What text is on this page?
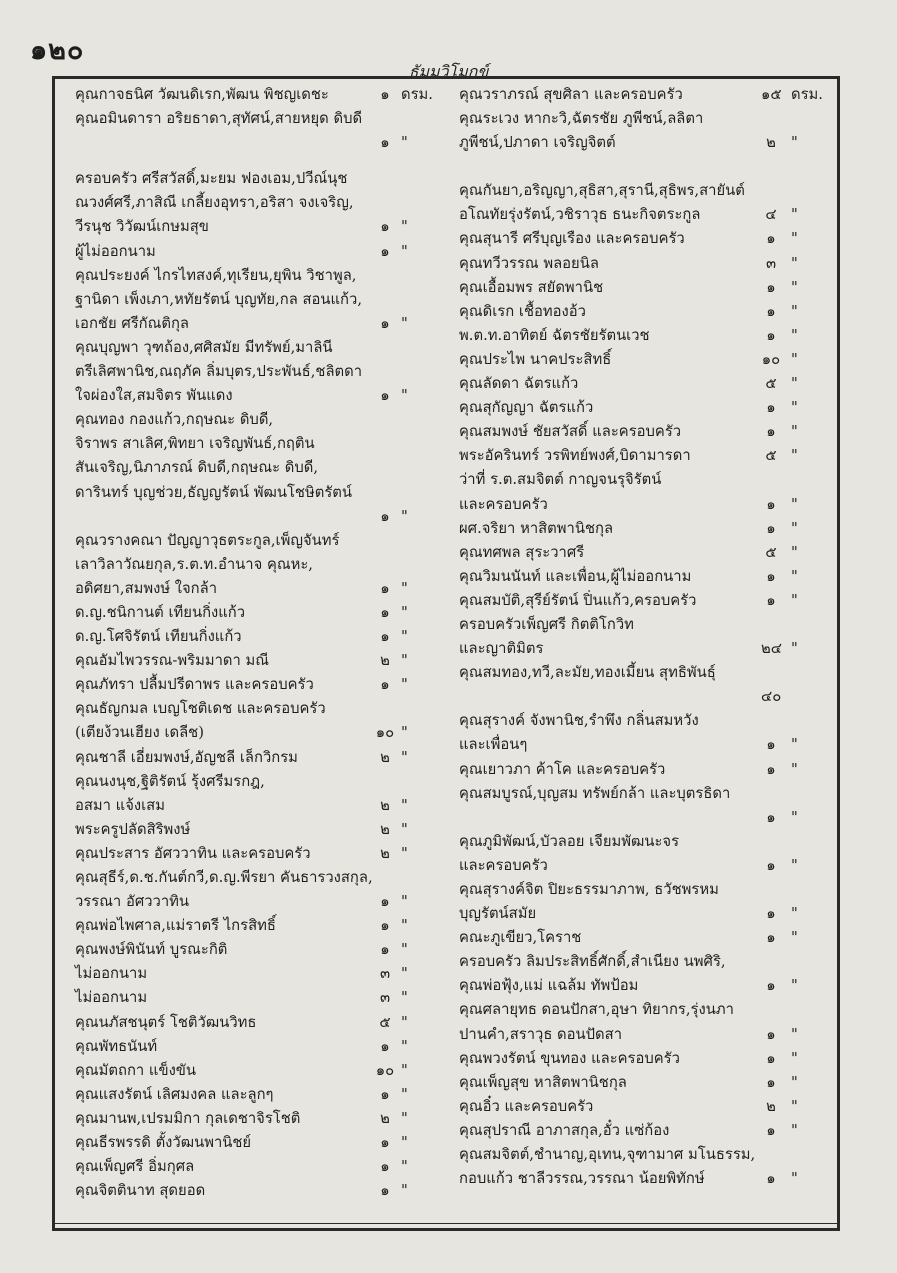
๑๒๐
ธัมมวิโมกข์
คุณกาจธนิศ วัฒนดิเรก,พัฒน พิชญเดชะ	๑ ดรม.
คุณอมินดารา อริยธาดา,สุทัศน์,สายหยุด ดิบดี
๑ "
ครอบครัว ศรีสวัสดิ์,มะยม ฟองเอม,ปวีณ์นุช
ณวงศ์ศรี,ภาสิณี เกลี้ยงอุทรา,อริสา จงเจริญ,
วีรนุช วิวัฒน์เกษมสุข	๑ "
ผู้ไม่ออกนาม	๑ "
คุณประยงค์ ไกรไทสงค์,ทุเรียน,ยุพิน วิชาพูล,
ฐานิดา เพ็งเภา,หทัยรัตน์ บุญทัย,กล สอนแก้ว,
เอกชัย ศรีกัณติกุล	๑ "
คุณบุญพา วุฑถ้อง,ศศิสมัย มีทรัพย์,มาลินี
ตรีเลิศพานิช,ณฤภัค ลิ่มบุตร,ประพันธ์,ชลิตดา
ใจผ่องใส,สมจิตร พันแดง	๑ "
คุณทอง กองแก้ว,กฤษณะ ดิบดี,
จิราพร สาเลิศ,พิทยา เจริญพันธ์,กฤติน
สันเจริญ,นิภาภรณ์ ดิบดี,กฤษณะ ดิบดี,
ดารินทร์ บุญช่วย,ธัญญรัตน์ พัฒนโชษิตรัตน์
๑ "
คุณวรางคณา ปัญญาวุธตระกูล,เพ็ญจันทร์
เลาวิลาวัณยกุล,ร.ต.ท.อำนาจ คุณหะ,
อดิศยา,สมพงษ์ ใจกล้า	๑ "
ด.ญ.ชนิกานต์ เทียนกิ่งแก้ว	๑ "
ด.ญ.โศจิรัตน์ เทียนกิ่งแก้ว	๑ "
คุณอัมไพวรรณ-พริมมาดา มณี	๒ "
คุณภัทรา ปลื้มปรีดาพร และครอบครัว	๑ "
คุณธัญกมล เบญโชติเดช และครอบครัว
(เตียง้วนเฮียง เดลีช)	๑๐ "
คุณชาลี เอี่ยมพงษ์,อัญชลี เล็กวิกรม	๒ "
คุณนงนุช,ฐิติรัตน์ รุ้งศรีมรกฎ,
อสมา แจ้งเสม	๒ "
พระครูปลัดสิริพงษ์	๒ "
คุณประสาร อัศววาทิน และครอบครัว	๒ "
คุณสุธีร์,ด.ช.กันต์กวี,ด.ญ.พีรยา คันธารวงสกุล,
วรรณา อัศววาทิน	๑ "
คุณพ่อไพศาล,แม่ราตรี ไกรสิทธิ์	๑ "
คุณพงษ์พินันท์ บูรณะกิติ	๑ "
ไม่ออกนาม	๓ "
ไม่ออกนาม	๓ "
คุณนภัสชนุตร์ โชติวัฒนวิทธ	๕ "
คุณพัทธนันท์	๑ "
คุณมัตถกา แข็งขัน	๑๐ "
คุณแสงรัตน์ เลิศมงคล และลูกๆ	๑ "
คุณมานพ,เปรมมิกา กุลเดชาจิรโชติ	๒ "
คุณธีรพรรดิ ตั้งวัฒนพานิชย์	๑ "
คุณเพ็ญศรี อิ่มกุศล	๑ "
คุณจิตตินาท สุดยอด	๑ "
คุณวราภรณ์ สุขศิลา และครอบครัว	๑๕ ดรม.
คุณระเวง หากะวิ,ฉัตรชัย ภูพีชน์,ลลิตา
ภูพีชน์,ปภาดา เจริญจิตต์	๒	"
คุณกันยา,อริญญา,สุธิสา,สุรานี,สุธิพร,สายันต์
อโณทัยรุ่งรัตน์,วชิราวุธ ธนะกิจตระกูล	๔ "
คุณสุนารี ศรีบุญเรือง และครอบครัว	๑	"
คุณทวีวรรณ พลอยนิล	๓	"
คุณเอื้อมพร สยัดพานิช	๑	"
คุณดิเรก เชื้อทองอ้ว	๑	"
พ.ต.ท.อาทิตย์ ฉัตรชัยรัตนเวช	๑	"
คุณประไพ นาคประสิทธิ์	๑๐ "
คุณลัดดา ฉัตรแก้ว	๕ "
คุณสุกัญญา ฉัตรแก้ว	๑	"
คุณสมพงษ์ ชัยสวัสดิ์ และครอบครัว	๑	"
พระอัครินทร์ วรพิทย์พงศ์,บิดามารดา	๕ "
ว่าที่ ร.ต.สมจิตต์ กาญจนรุจิรัตน์
และครอบครัว	๑	"
ผศ.จริยา หาสิตพานิชกุล	๑	"
คุณทศพล สุระวาศรี	๕ "
คุณวิมนนันท์ และเพื่อน,ผู้ไม่ออกนาม	๑	"
คุณสมบัติ,สุรีย์รัตน์ ปิ่นแก้ว,ครอบครัว	๑	"
ครอบครัวเพ็ญศรี กิตติโกวิท
และญาติมิตร	๒๔ "
คุณสมทอง,ทวี,ละมัย,ทองเมี้ยน สุทธิพันธุ์
๔๐
คุณสุรางค์ จังพานิช,รำพึง กลิ่นสมหวัง
และเพื่อนๆ	๑	"
คุณเยาวภา ค้าโค และครอบครัว	๑	"
คุณสมบูรณ์,บุญสม ทรัพย์กล้า และบุตรธิดา
๑	"
คุณภูมิพัฒน์,บัวลอย เจียมพัฒนะจร
และครอบครัว	๑	"
คุณสุรางค์จิต ปิยะธรรมาภาพ, ธวัชพรหม
บุญรัตน์สมัย	๑	"
คณะภูเขียว,โคราช	๑	"
ครอบครัว ลิมประสิทธิ์ศักดิ์,สำเนียง นพศิริ,
คุณพ่อฟุ้ง,แม่ แฉล้ม ทัพป้อม	๑	"
คุณศลายุทธ ดอนปักสา,อุษา ทิยากร,รุ่งนภา
ปานคำ,สราวุธ ดอนปัดสา	๑	"
คุณพวงรัตน์ ขุนทอง และครอบครัว	๑	"
คุณเพ็ญสุข หาสิตพานิชกุล	๑	"
คุณอิ๋ว และครอบครัว	๒	"
คุณสุปราณี อาภาสกุล,อั๋ว แซ่ก้อง	๑	"
คุณสมจิตต์,ชำนาญ,อุเทน,จุฑามาศ มโนธรรม,
กอบแก้ว ชาลีวรรณ,วรรณา น้อยพิทักษ์	๑	"
